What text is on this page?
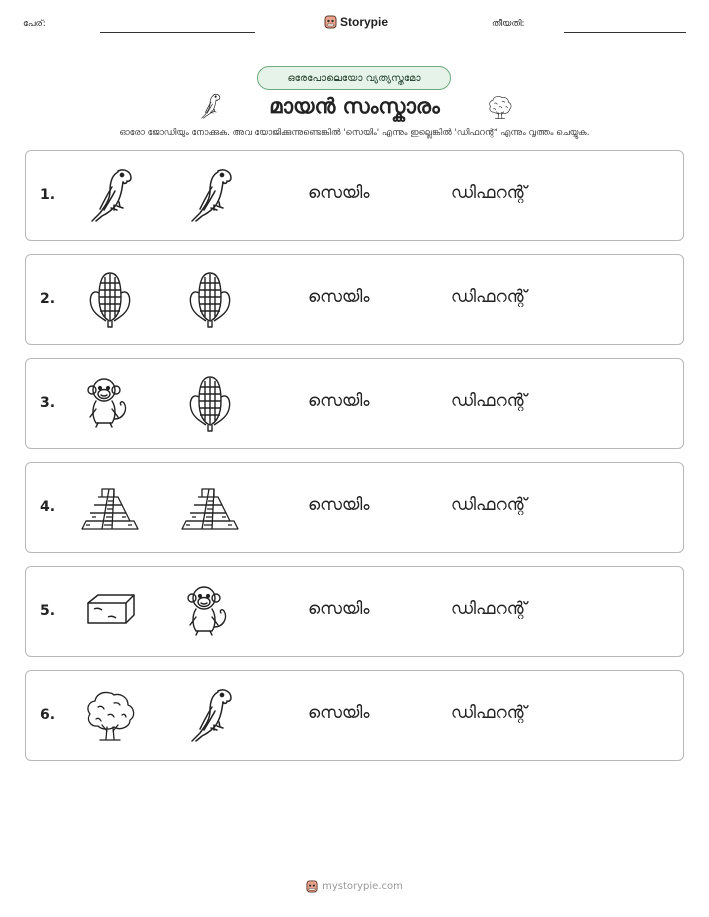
പേര്:	Storypie	തീയതി:
ഒരേപോലെയോ വ്യത്യസ്തമോ
മായൻ സംസ്കാരം
ഓരോ ജോഡിയും നോക്കുക. അവ യോജിക്കുന്നുണ്ടെങ്കിൽ 'സെയിം' എന്നും ഇല്ലെങ്കിൽ 'ഡിഫറന്റ്' എന്നും വൃത്തം ചെയ്യുക.
1.	സെയിം	ഡിഫറന്റ്
2.	സെയിം	ഡിഫറന്റ്
3.	സെയിം	ഡിഫറന്റ്
4.	സെയിം	ഡിഫറന്റ്
5.	സെയിം	ഡിഫറന്റ്
6.	സെയിം	ഡിഫറന്റ്
mystorypie.com
